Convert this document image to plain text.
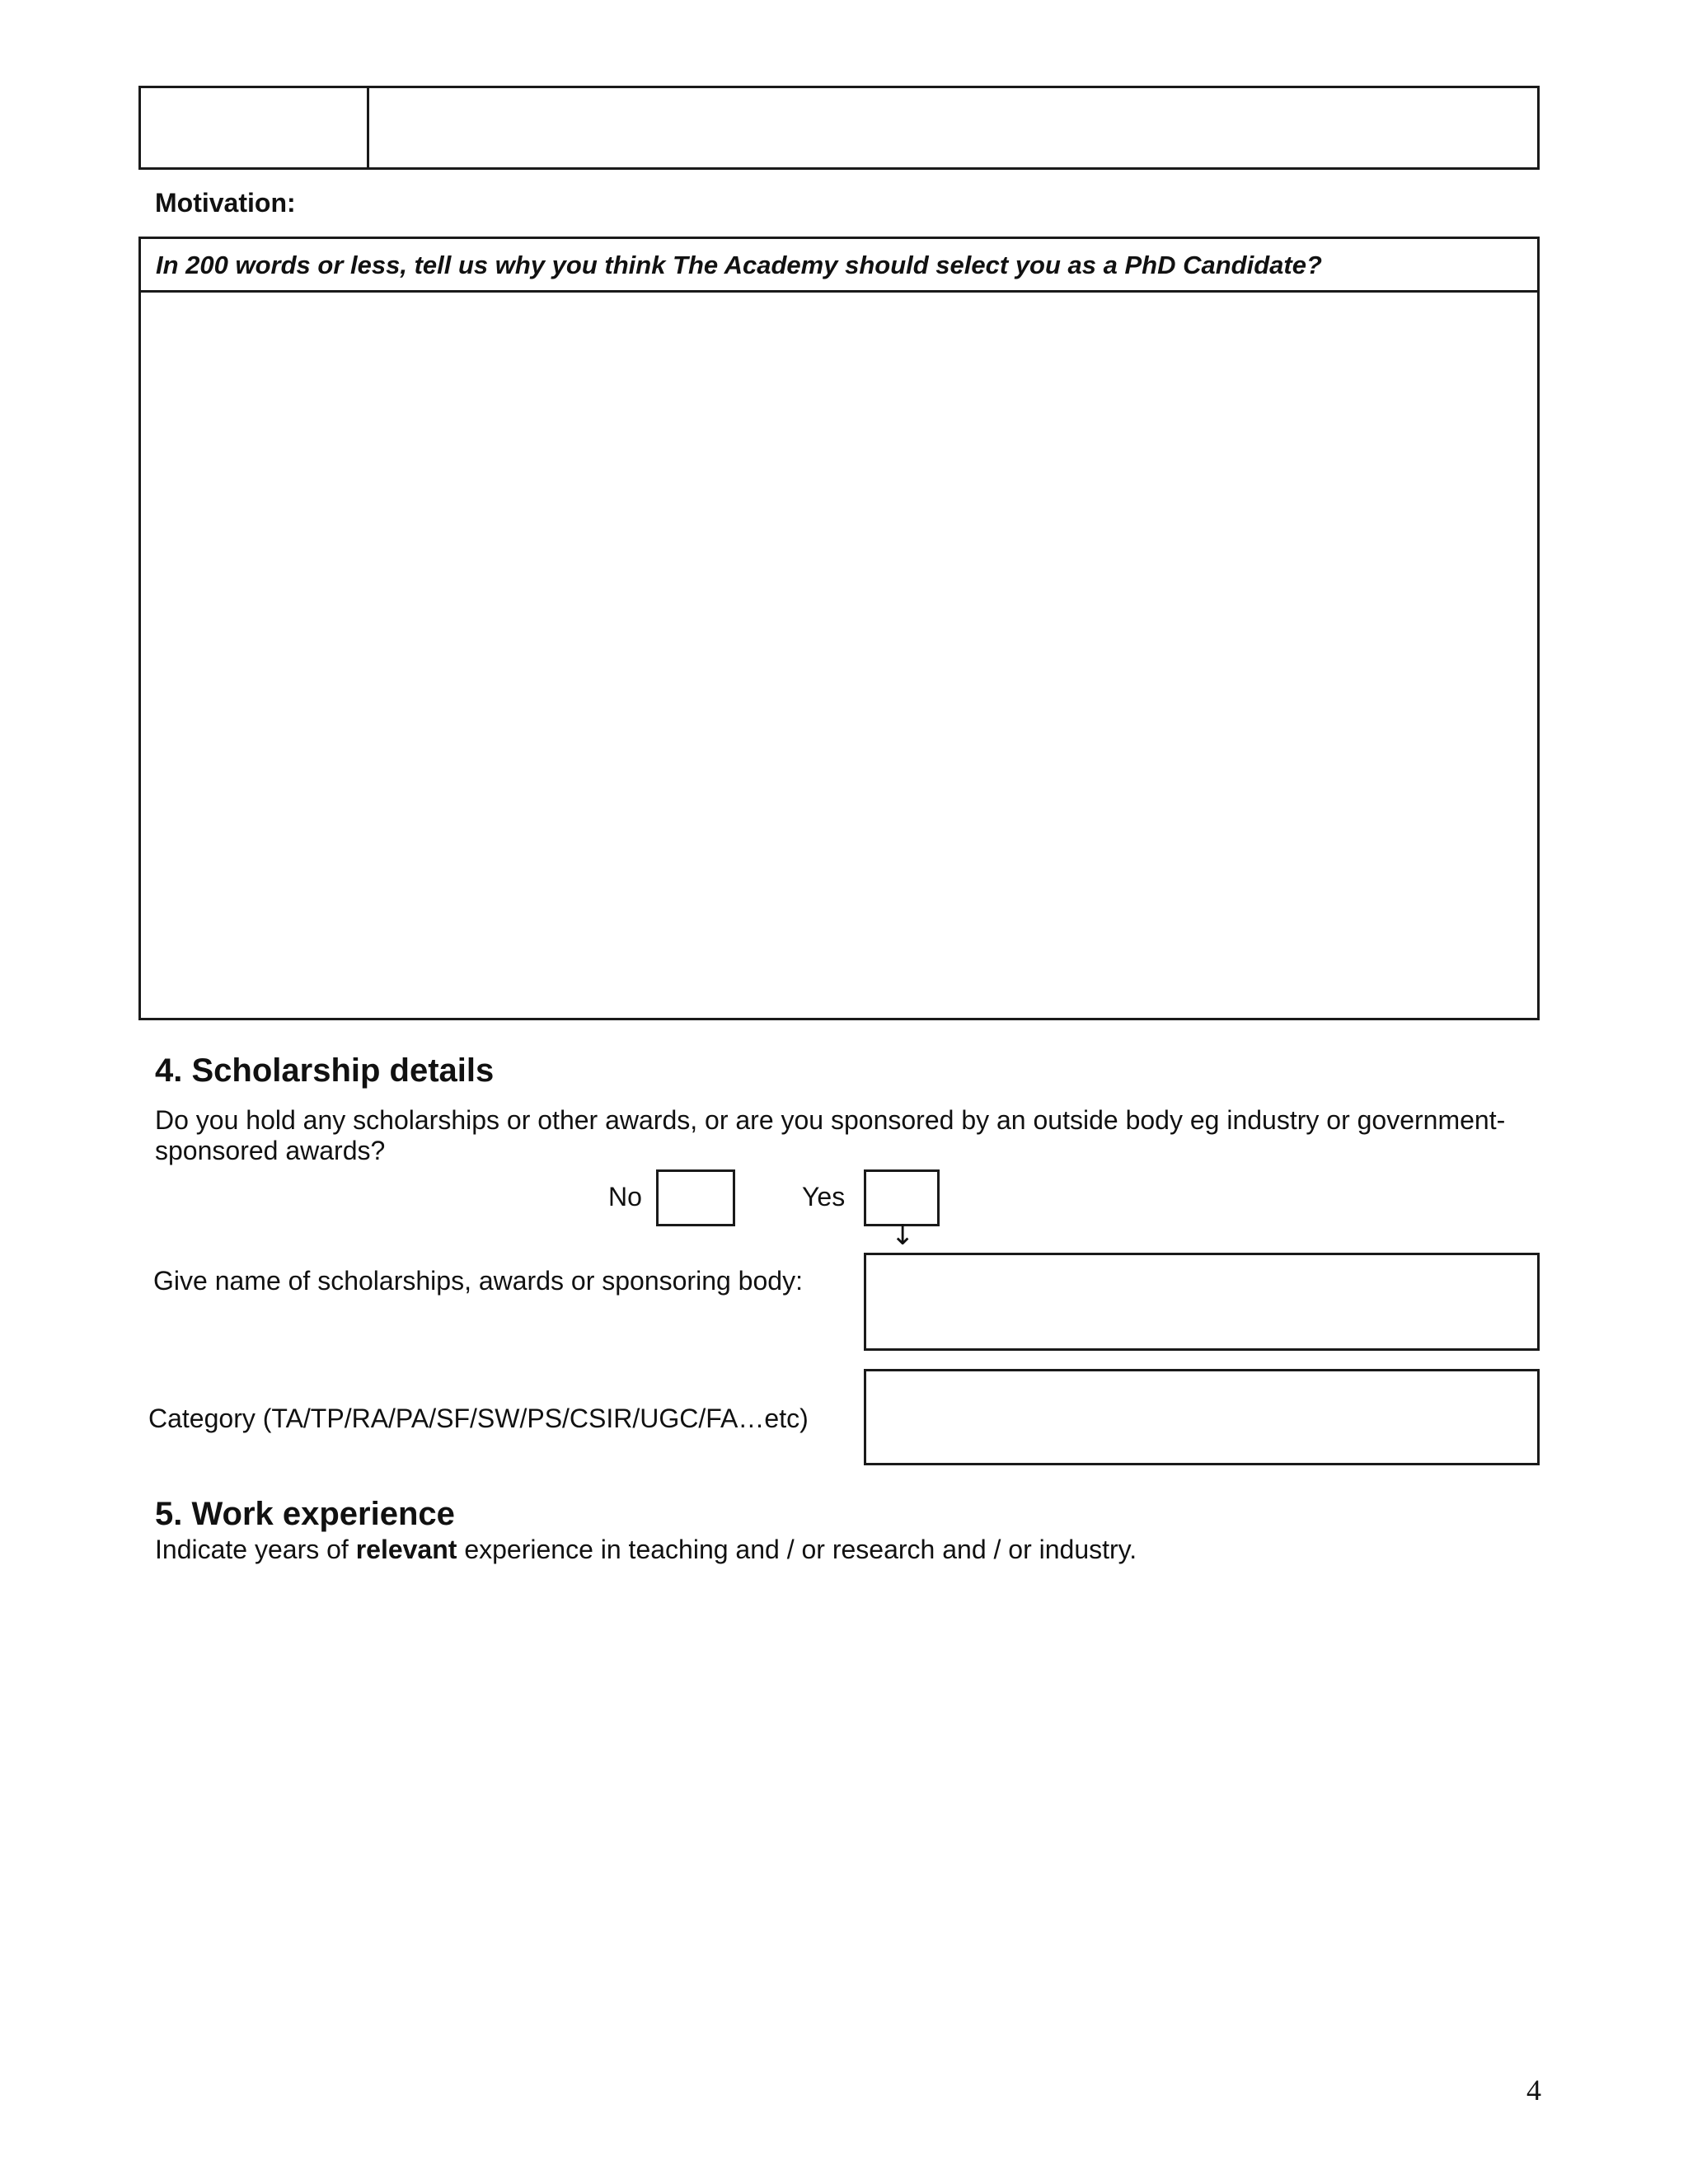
Motivation:
In 200 words or less, tell us why you think The Academy should select you as a PhD Candidate?
4. Scholarship details
Do you hold any scholarships or other awards, or are you sponsored by an outside body eg industry or government-sponsored awards?
No	Yes
↓
Give name of scholarships, awards or sponsoring body:
Category (TA/TP/RA/PA/SF/SW/PS/CSIR/UGC/FA…etc)
5. Work experience
Indicate years of relevant experience in teaching and / or research and / or industry.
4
